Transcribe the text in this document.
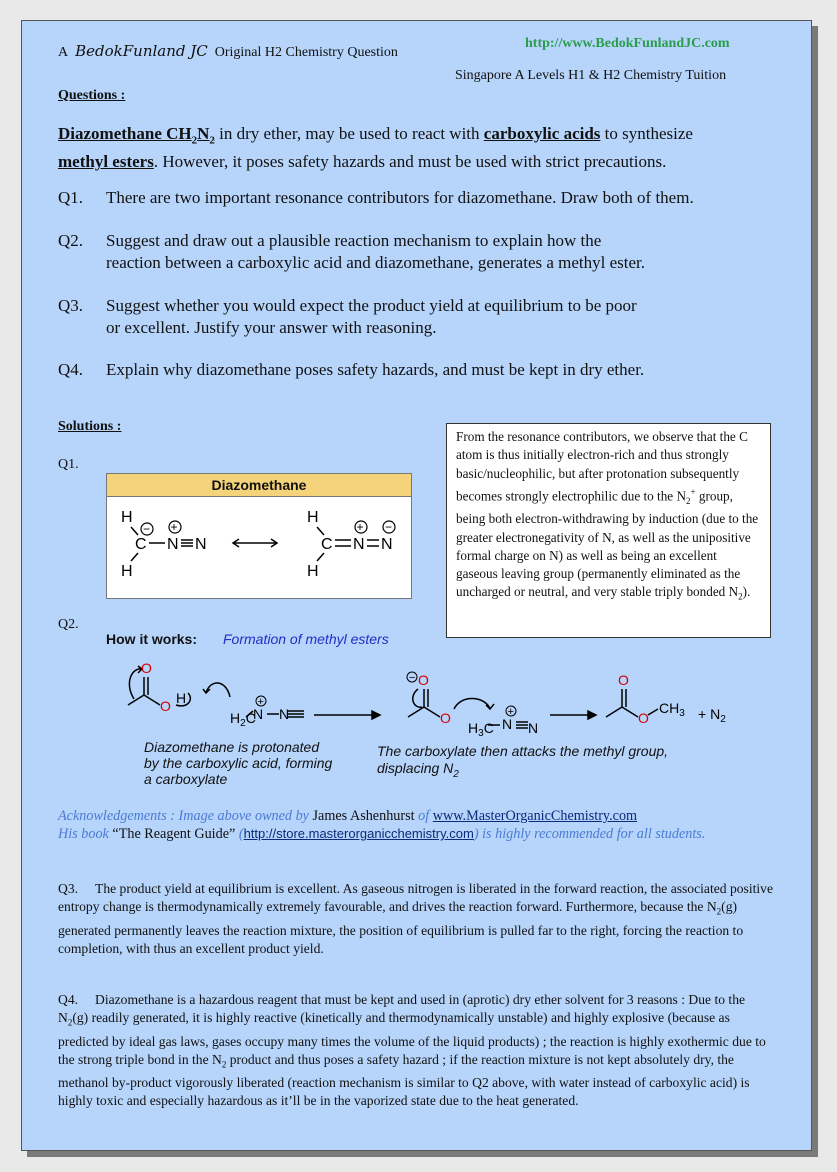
A BedokFunland JC Original H2 Chemistry Question
http://www.BedokFunlandJC.com
Singapore A Levels H1 & H2 Chemistry Tuition
Questions :
Diazomethane $CH_2N_2$ in dry ether, may be used to react with carboxylic acids to synthesize
methyl esters. However, it poses safety hazards and must be used with strict precautions.
Q1.	There are two important resonance contributors for diazomethane. Draw both of them.
Q2.	Suggest and draw out a plausible reaction mechanism to explain how the
reaction between a carboxylic acid and diazomethane, generates a methyl ester.
Q3.	Suggest whether you would expect the product yield at equilibrium to be poor
or excellent. Justify your answer with reasoning.
Q4.	Explain why diazomethane poses safety hazards, and must be kept in dry ether.
Solutions :
Q1.
Diazomethane
H
C
H
−
N
+
N
H
C
H
N
+
N
−
From the resonance contributors, we observe that the C atom is thus initially electron-rich and thus strongly basic/nucleophilic, but after protonation subsequently becomes strongly electrophilic due to the $N_2^+$ group, being both electron-withdrawing by induction (due to the greater electronegativity of N, as well as the unipositive formal charge on N) as well as being an excellent gaseous leaving group (permanently eliminated as the uncharged or neutral, and very stable triply bonded $N_2$).
Q2.
How it works: Formation of methyl esters
O
O H
$H_2C$
N N
+
O
−
O
$H_3C$ N N
+
O
O
$CH_3 + N_2$
Diazomethane is protonated
by the carboxylic acid, forming
a carboxylate
The carboxylate then attacks the methyl group,
displacing $N_2$
Acknowledgements : Image above owned by James Ashenhurst of www.MasterOrganicChemistry.com
His book “The Reagent Guide” (http://store.masterorganicchemistry.com) is highly recommended for all students.
Q3. The product yield at equilibrium is excellent. As gaseous nitrogen is liberated in the forward reaction, the associated positive entropy change is thermodynamically extremely favourable, and drives the reaction forward. Furthermore, because the $N_2(g)$ generated permanently leaves the reaction mixture, the position of equilibrium is pulled far to the right, forcing the reaction to completion, with thus an excellent product yield.
Q4. Diazomethane is a hazardous reagent that must be kept and used in (aprotic) dry ether solvent for 3 reasons : Due to the $N_2(g)$ readily generated, it is highly reactive (kinetically and thermodynamically unstable) and highly explosive (because as predicted by ideal gas laws, gases occupy many times the volume of the liquid products) ; the reaction is highly exothermic due to the strong triple bond in the $N_2$ product and thus poses a safety hazard ; if the reaction mixture is not kept absolutely dry, the methanol by-product vigorously liberated (reaction mechanism is similar to Q2 above, with water instead of carboxylic acid) is highly toxic and especially hazardous as it’ll be in the vaporized state due to the heat generated.
